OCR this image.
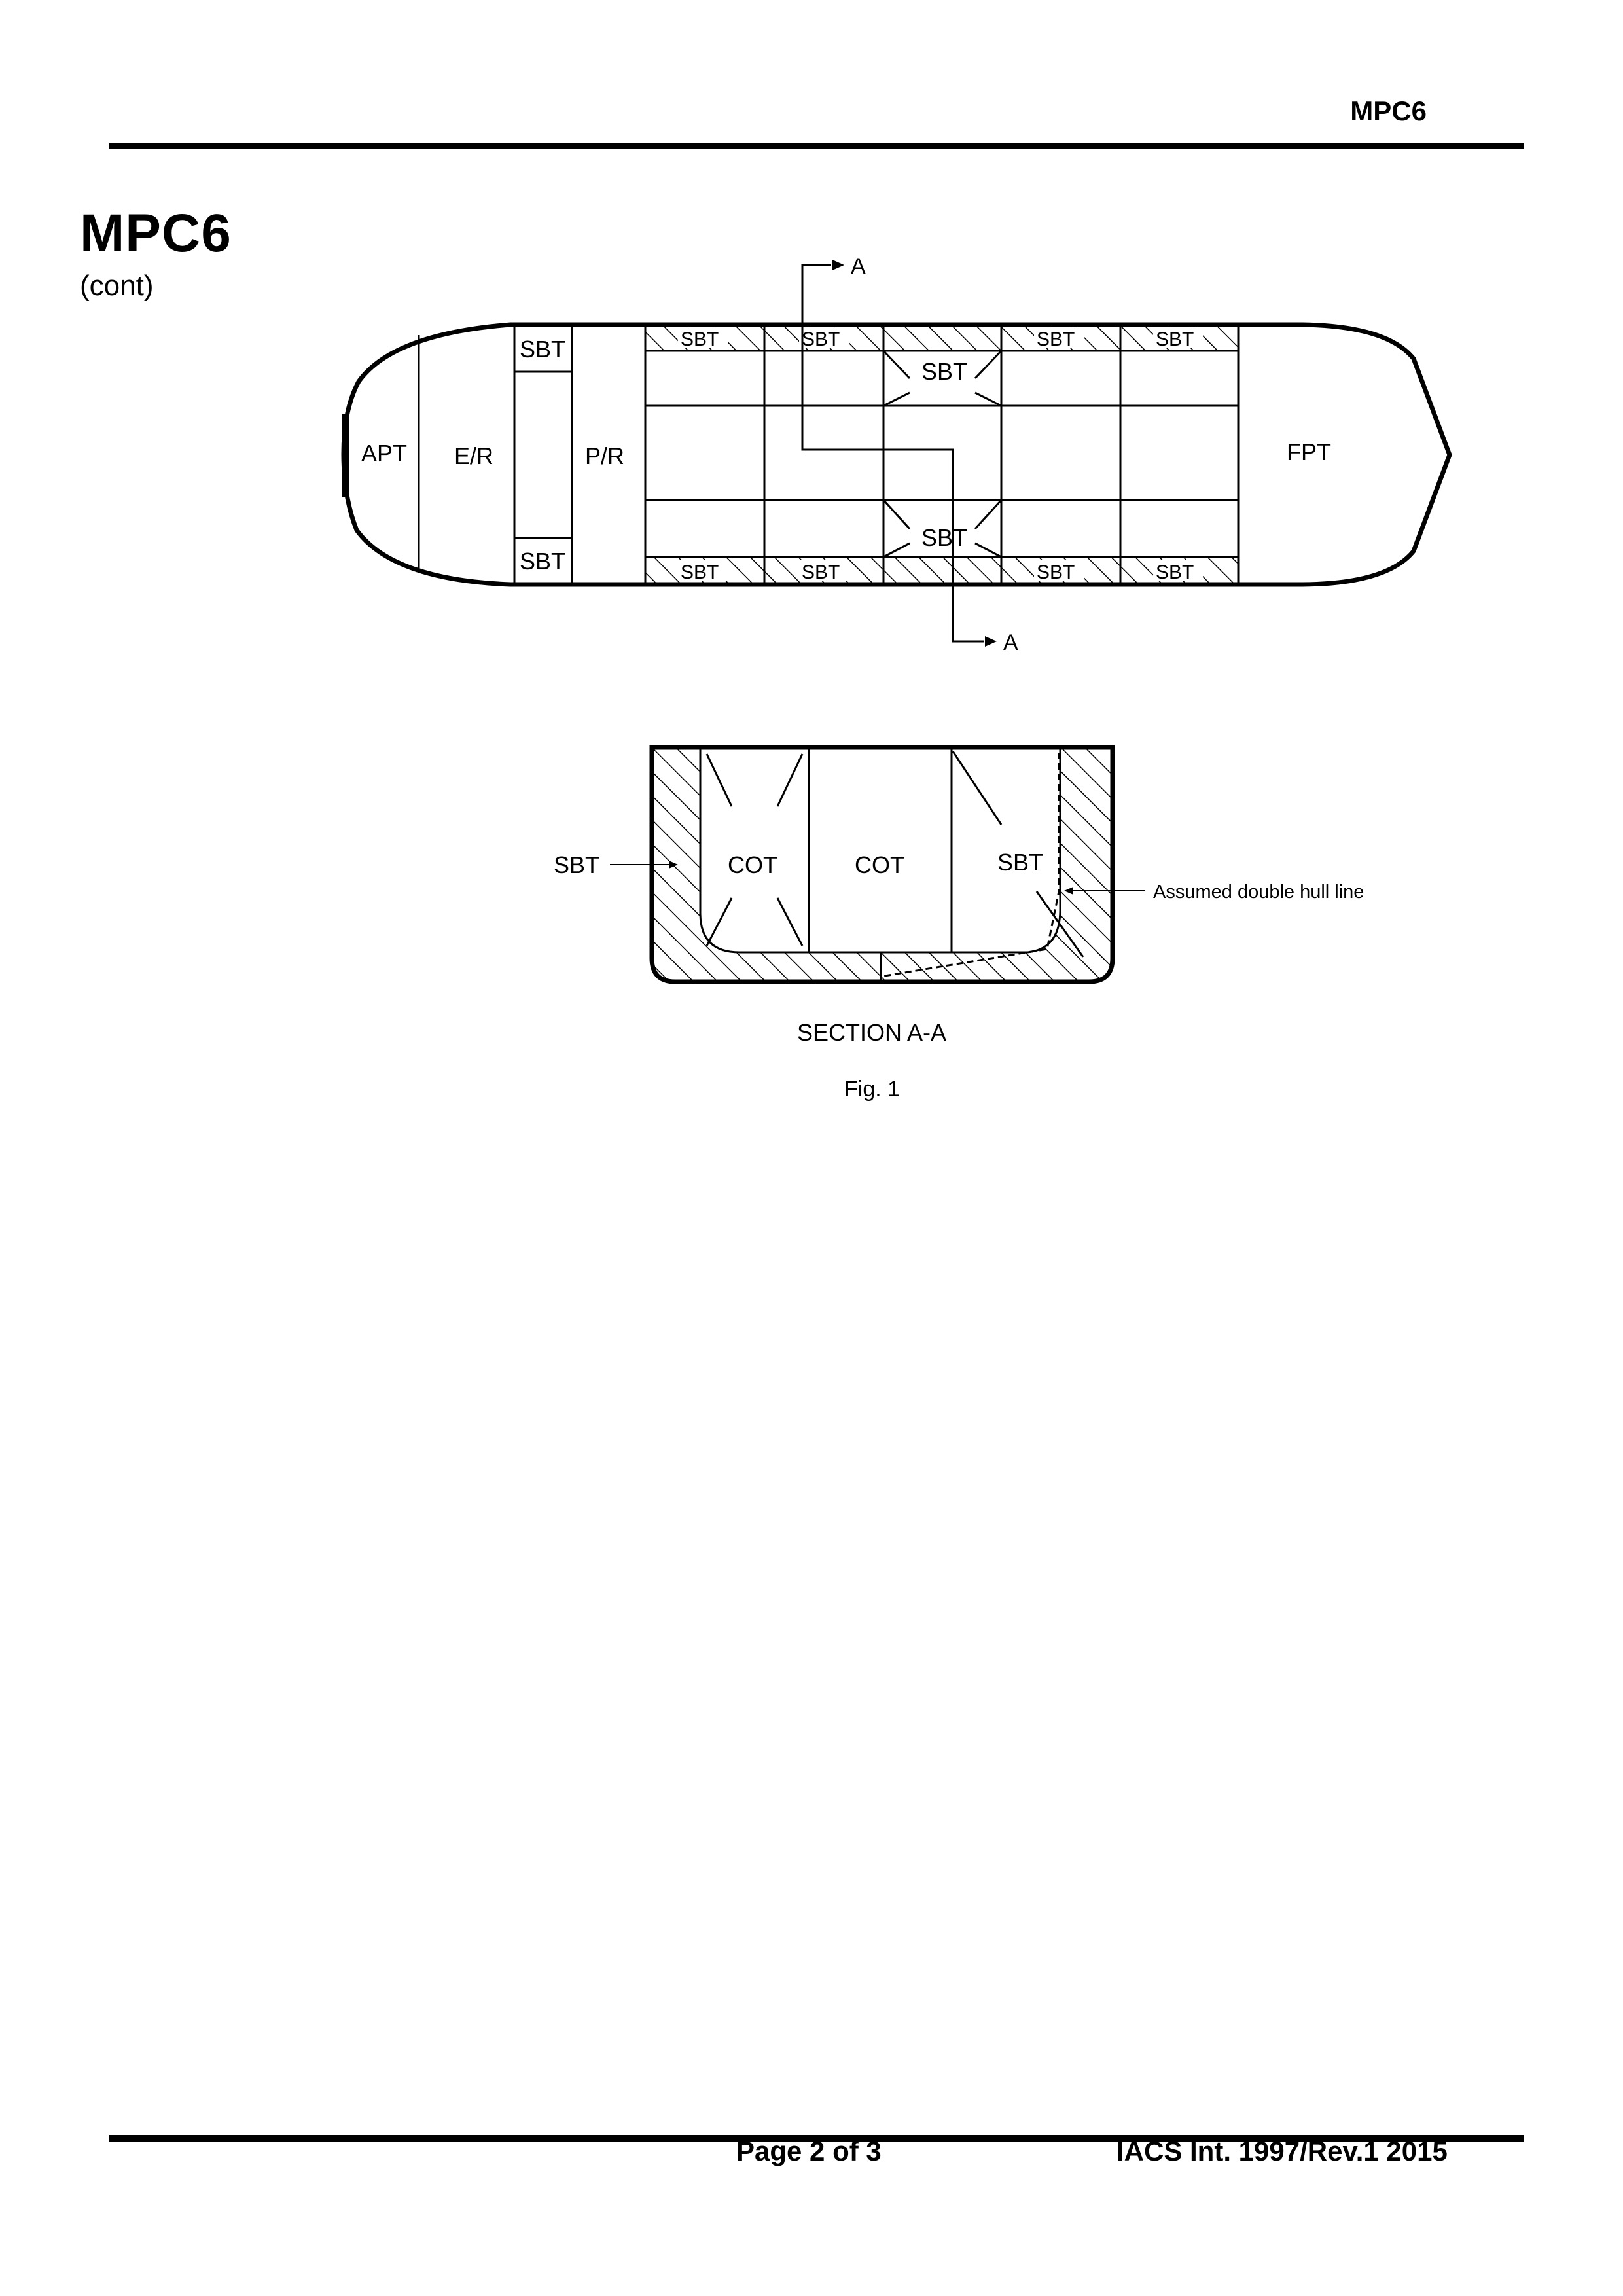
MPC6
MPC6
(cont)
A
A
APT E/R	P/R	FPT
SBT
SBT
SBT
SBT
SBT	SBT	SBT	SBT
SBT	SBT	SBT	SBT
SBT	COT	COT	SBT
SECTION A-A
Assumed double hull line
Fig. 1
Page 2 of 3	IACS Int. 1997/Rev.1 2015
